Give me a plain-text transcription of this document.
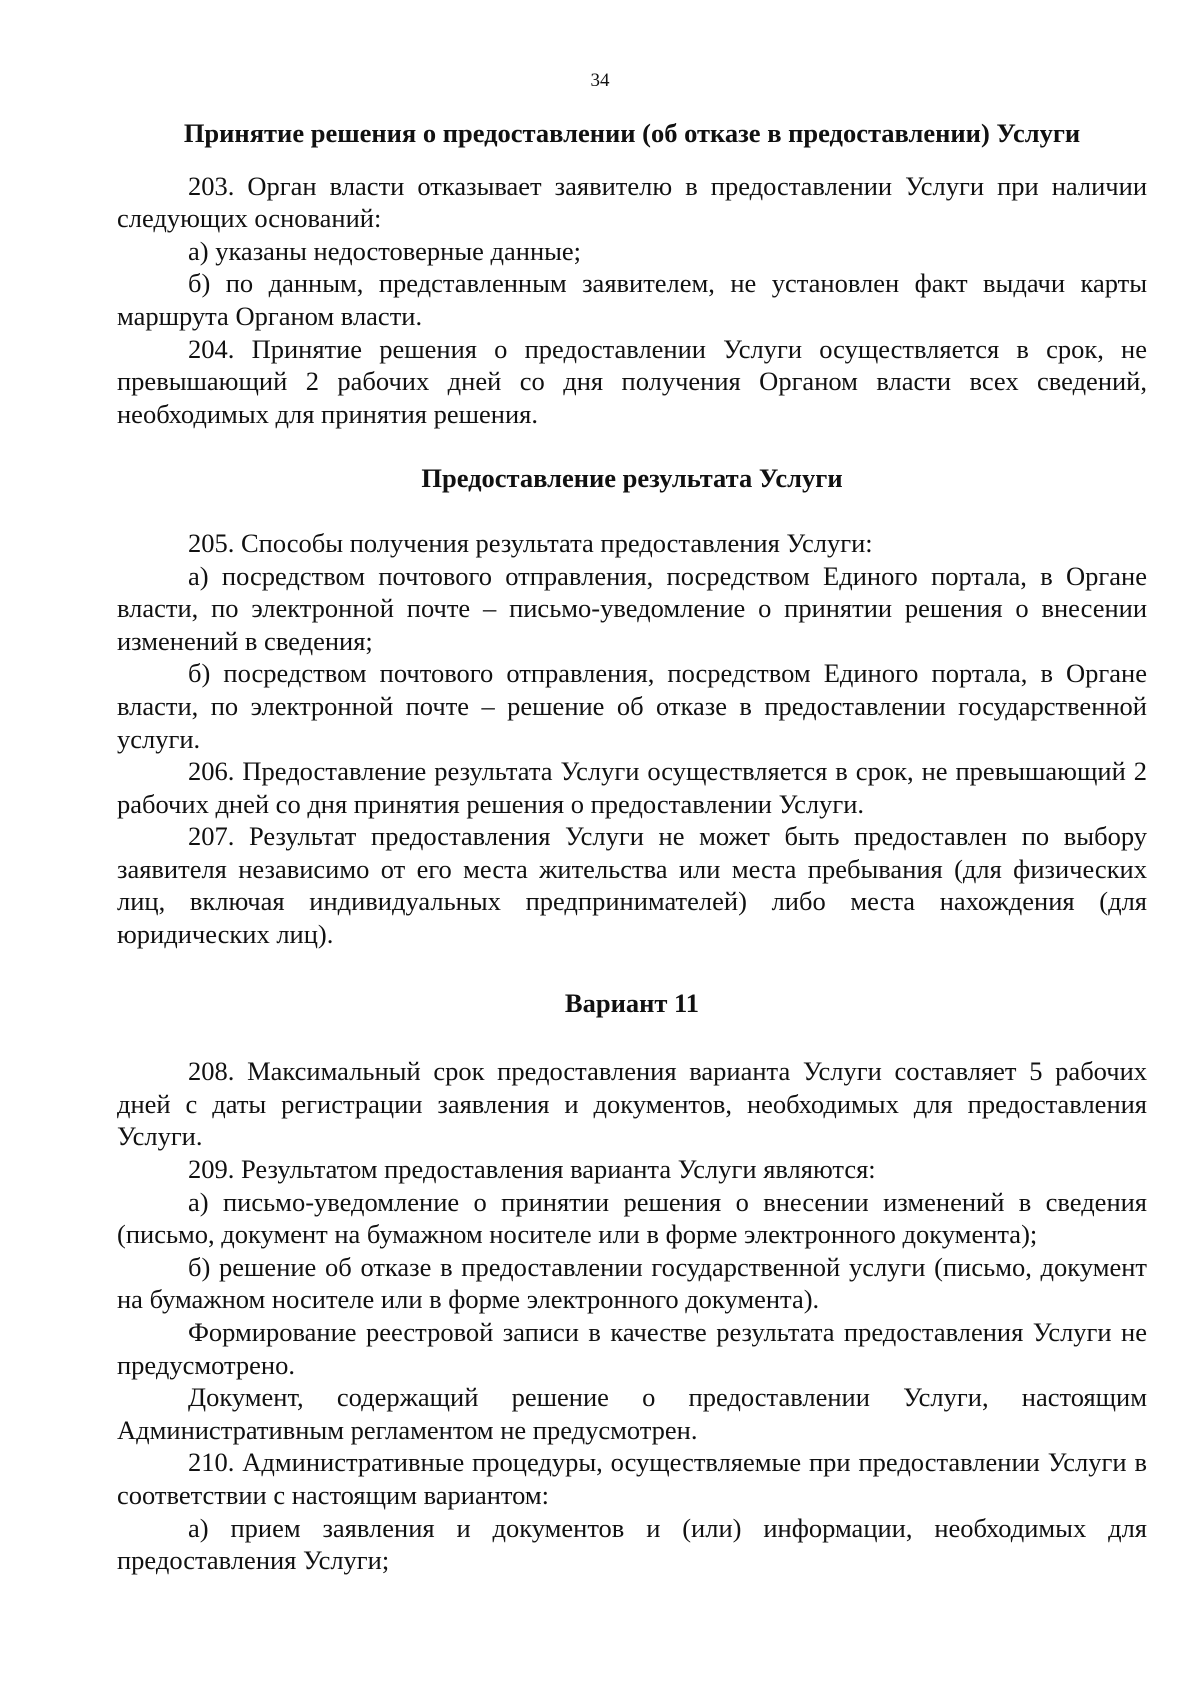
34
Принятие решения о предоставлении (об отказе в предоставлении) Услуги

203. Орган власти отказывает заявителю в предоставлении Услуги при наличии следующих оснований:

а) указаны недостоверные данные;

б) по данным, представленным заявителем, не установлен факт выдачи карты маршрута Органом власти.

204. Принятие решения о предоставлении Услуги осуществляется в срок, не превышающий 2 рабочих дней со дня получения Органом власти всех сведений, необходимых для принятия решения.

Предоставление результата Услуги

205. Способы получения результата предоставления Услуги:

а) посредством почтового отправления, посредством Единого портала, в Органе власти, по электронной почте – письмо-уведомление о принятии решения о внесении изменений в сведения;

б) посредством почтового отправления, посредством Единого портала, в Органе власти, по электронной почте – решение об отказе в предоставлении государственной услуги.

206. Предоставление результата Услуги осуществляется в срок, не превышающий 2 рабочих дней со дня принятия решения о предоставлении Услуги.

207. Результат предоставления Услуги не может быть предоставлен по выбору заявителя независимо от его места жительства или места пребывания (для физических лиц, включая индивидуальных предпринимателей) либо места нахождения (для юридических лиц).

Вариант 11

208. Максимальный срок предоставления варианта Услуги составляет 5 рабочих дней с даты регистрации заявления и документов, необходимых для предоставления Услуги.

209. Результатом предоставления варианта Услуги являются:

а) письмо-уведомление о принятии решения о внесении изменений в сведения (письмо, документ на бумажном носителе или в форме электронного документа);

б) решение об отказе в предоставлении государственной услуги (письмо, документ на бумажном носителе или в форме электронного документа).

Формирование реестровой записи в качестве результата предоставления Услуги не предусмотрено.

Документ, содержащий решение о предоставлении Услуги, настоящим Административным регламентом не предусмотрен.

210. Административные процедуры, осуществляемые при предоставлении Услуги в соответствии с настоящим вариантом:

а) прием заявления и документов и (или) информации, необходимых для предоставления Услуги;
